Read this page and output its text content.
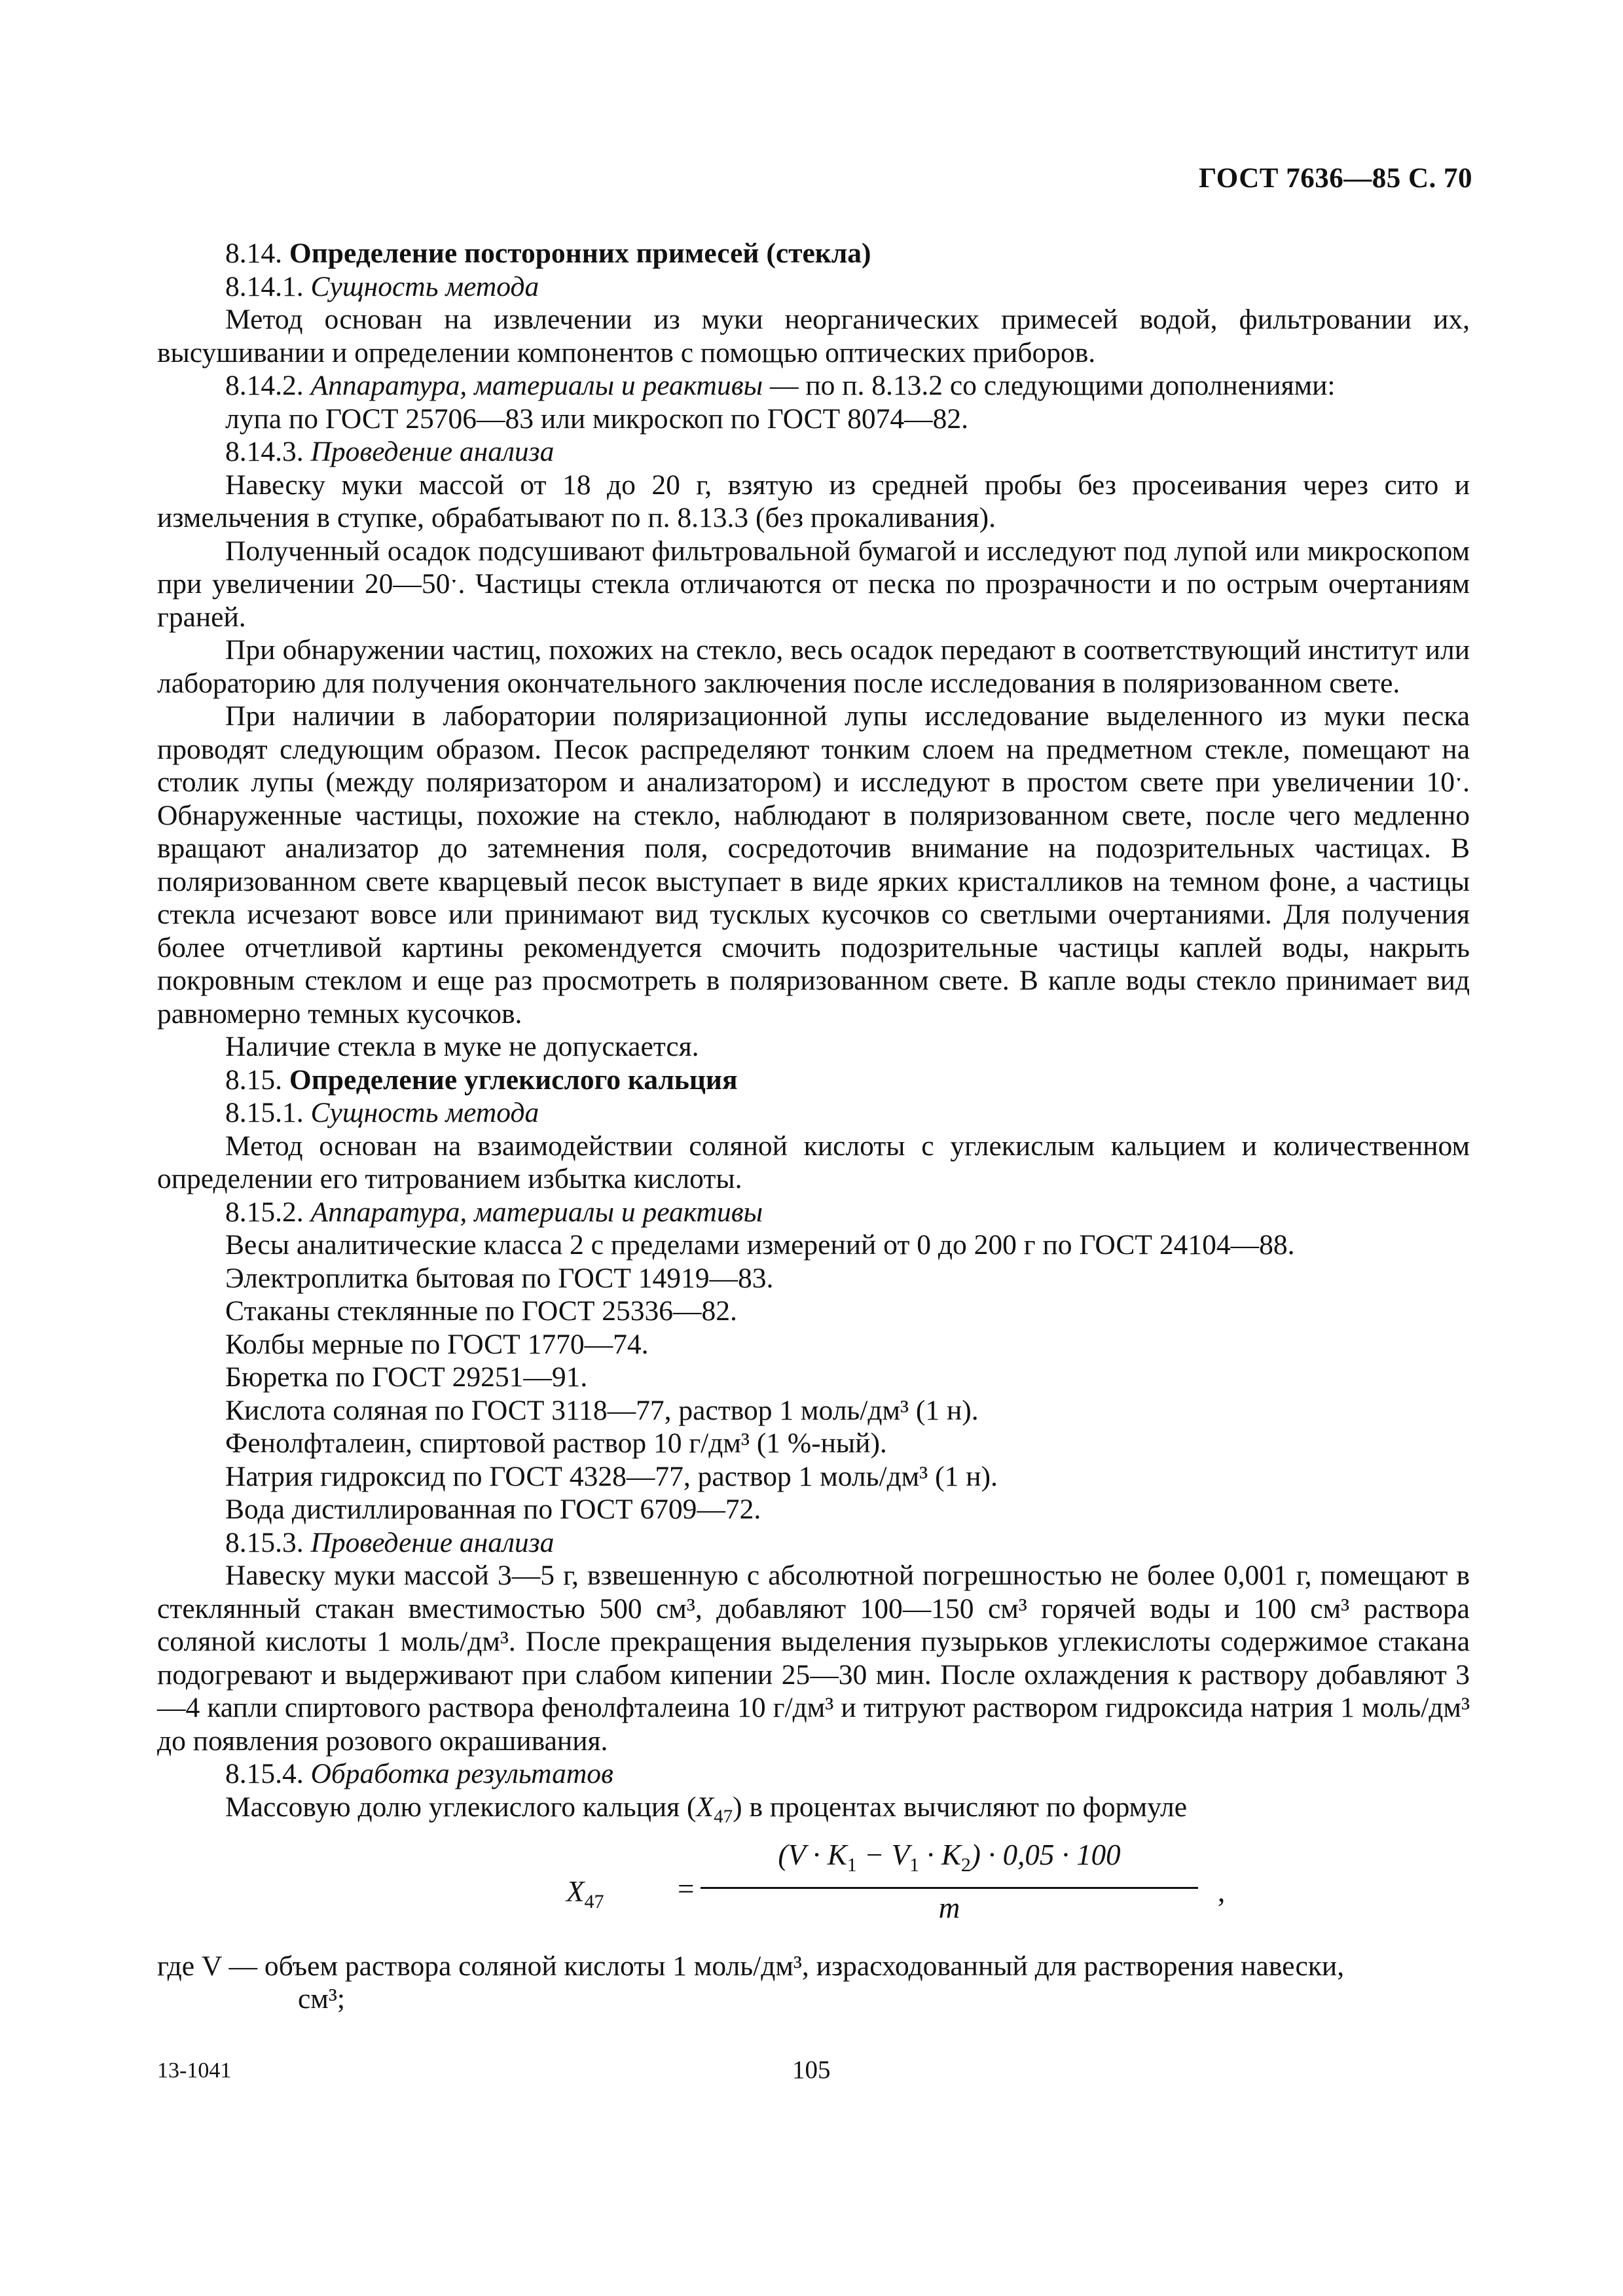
ГОСТ 7636—85 С. 70

8.14. Определение посторонних примесей (стекла)

8.14.1. Сущность метода

Метод основан на извлечении из муки неорганических примесей водой, фильтровании их, высушивании и определении компонентов с помощью оптических приборов.

8.14.2. Аппаратура, материалы и реактивы — по п. 8.13.2 со следующими дополнениями:

лупа по ГОСТ 25706—83 или микроскоп по ГОСТ 8074—82.

8.14.3. Проведение анализа

Навеску муки массой от 18 до 20 г, взятую из средней пробы без просеивания через сито и измельчения в ступке, обрабатывают по п. 8.13.3 (без прокаливания).

Полученный осадок подсушивают фильтровальной бумагой и исследуют под лупой или микроскопом при увеличении 20—50ˑ. Частицы стекла отличаются от песка по прозрачности и по острым очертаниям граней.

При обнаружении частиц, похожих на стекло, весь осадок передают в соответствующий институт или лабораторию для получения окончательного заключения после исследования в поляризованном свете.

При наличии в лаборатории поляризационной лупы исследование выделенного из муки песка проводят следующим образом. Песок распределяют тонким слоем на предметном стекле, помещают на столик лупы (между поляризатором и анализатором) и исследуют в простом свете при увеличении 10ˑ. Обнаруженные частицы, похожие на стекло, наблюдают в поляризованном свете, после чего медленно вращают анализатор до затемнения поля, сосредоточив внимание на подозрительных частицах. В поляризованном свете кварцевый песок выступает в виде ярких кристалликов на темном фоне, а частицы стекла исчезают вовсе или принимают вид тусклых кусочков со светлыми очертаниями. Для получения более отчетливой картины рекомендуется смочить подозрительные частицы каплей воды, накрыть покровным стеклом и еще раз просмотреть в поляризованном свете. В капле воды стекло принимает вид равномерно темных кусочков.

Наличие стекла в муке не допускается.

8.15. Определение углекислого кальция

8.15.1. Сущность метода

Метод основан на взаимодействии соляной кислоты с углекислым кальцием и количественном определении его титрованием избытка кислоты.

8.15.2. Аппаратура, материалы и реактивы

Весы аналитические класса 2 с пределами измерений от 0 до 200 г по ГОСТ 24104—88.

Электроплитка бытовая по ГОСТ 14919—83.

Стаканы стеклянные по ГОСТ 25336—82.

Колбы мерные по ГОСТ 1770—74.

Бюретка по ГОСТ 29251—91.

Кислота соляная по ГОСТ 3118—77, раствор 1 моль/дм³ (1 н).

Фенолфталеин, спиртовой раствор 10 г/дм³ (1 %-ный).

Натрия гидроксид по ГОСТ 4328—77, раствор 1 моль/дм³ (1 н).

Вода дистиллированная по ГОСТ 6709—72.

8.15.3. Проведение анализа

Навеску муки массой 3—5 г, взвешенную с абсолютной погрешностью не более 0,001 г, помещают в стеклянный стакан вместимостью 500 см³, добавляют 100—150 см³ горячей воды и 100 см³ раствора соляной кислоты 1 моль/дм³. После прекращения выделения пузырьков углекислоты содержимое стакана подогревают и выдерживают при слабом кипении 25—30 мин. После охлаждения к раствору добавляют 3—4 капли спиртового раствора фенолфталеина 10 г/дм³ и титруют раствором гидроксида натрия 1 моль/дм³ до появления розового окрашивания.

8.15.4. Обработка результатов

Массовую долю углекислого кальция $(X_{47})$ в процентах вычисляют по формуле

$X_{47}$	= $\frac{(V \cdot K_1 - V_1 \cdot K_2) \cdot 0,05 \cdot 100}{m}$ ,

где V — объем раствора соляной кислоты 1 моль/дм³, израсходованный для растворения навески,

см³;

13-1041	105
